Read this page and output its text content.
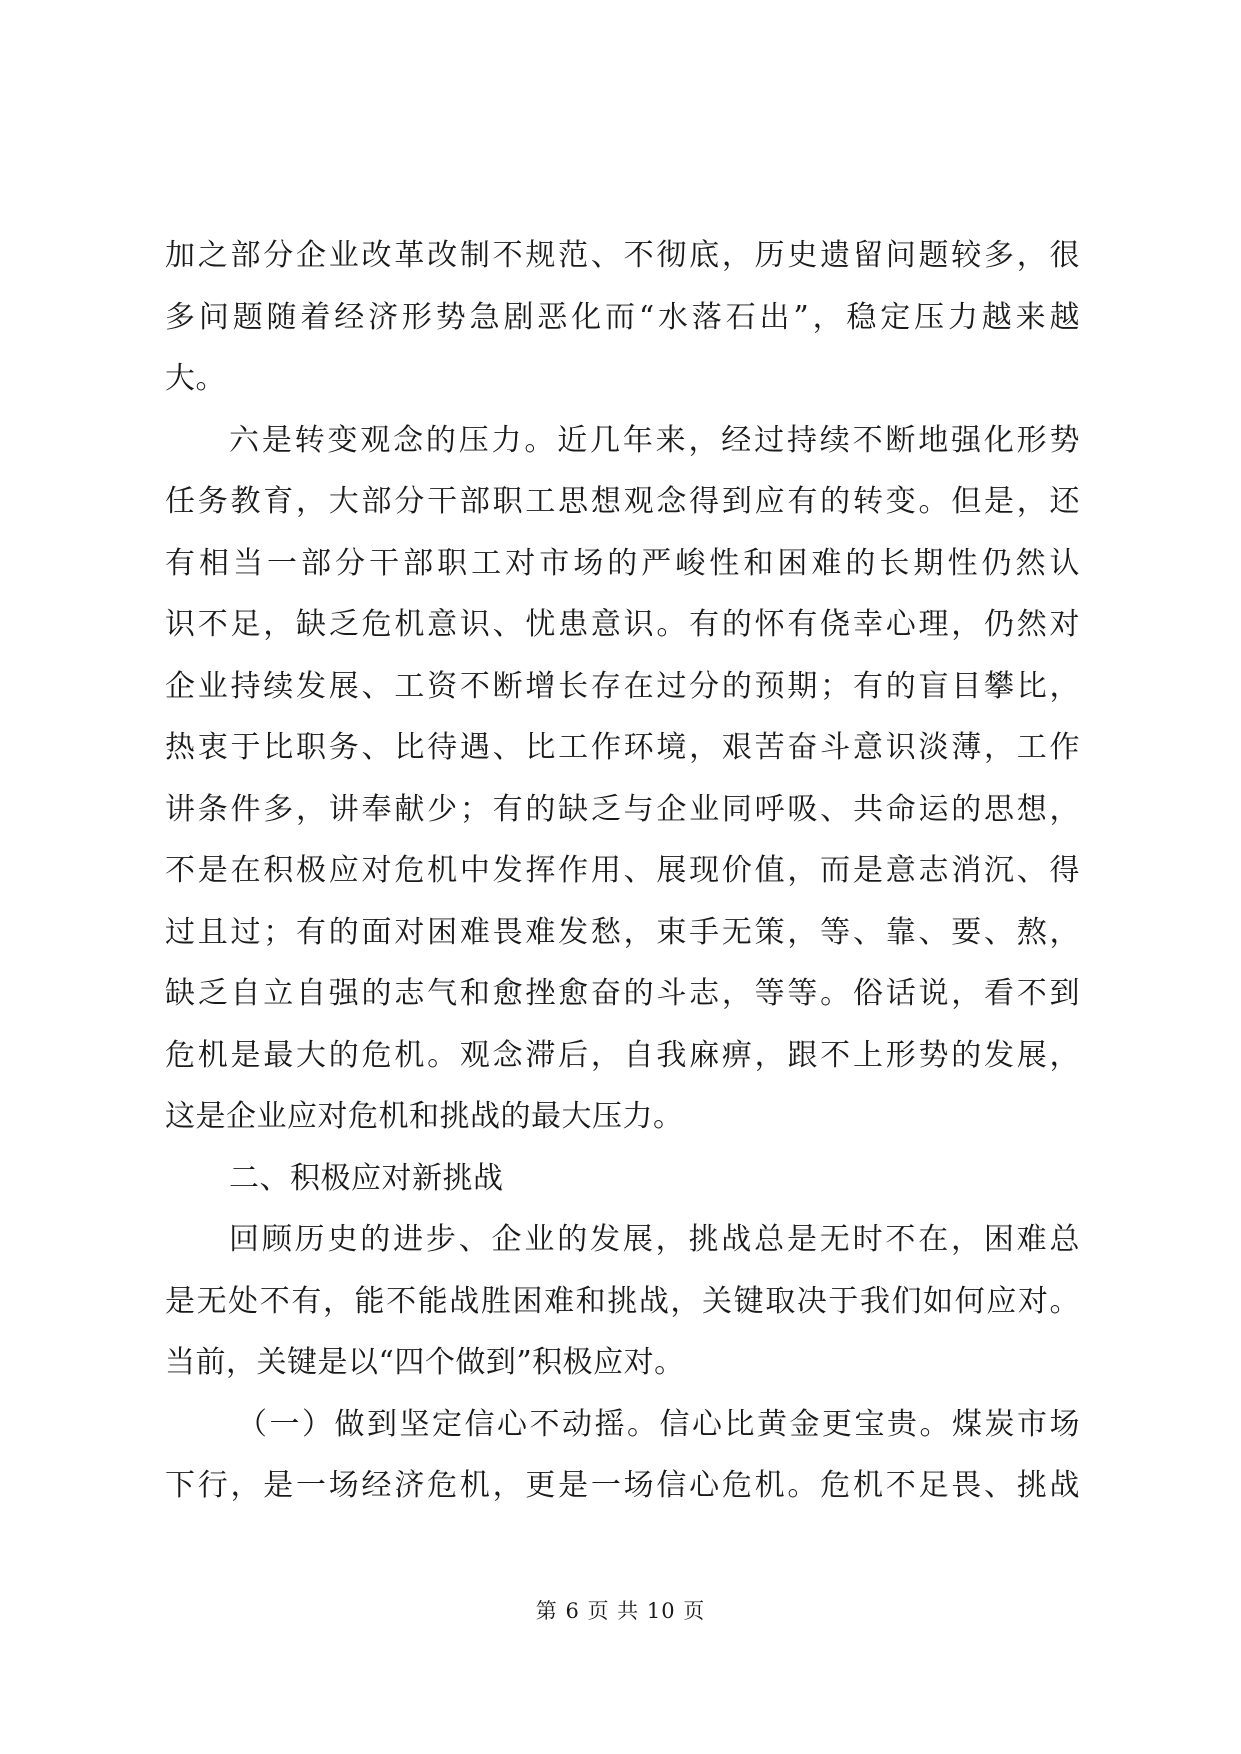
加之部分企业改革改制不规范、不彻底，历史遗留问题较多，很
多问题随着经济形势急剧恶化而“水落石出”，稳定压力越来越
大。
六是转变观念的压力。近几年来，经过持续不断地强化形势
任务教育，大部分干部职工思想观念得到应有的转变。但是，还
有相当一部分干部职工对市场的严峻性和困难的长期性仍然认
识不足，缺乏危机意识、忧患意识。有的怀有侥幸心理，仍然对
企业持续发展、工资不断增长存在过分的预期；有的盲目攀比，
热衷于比职务、比待遇、比工作环境，艰苦奋斗意识淡薄，工作
讲条件多，讲奉献少；有的缺乏与企业同呼吸、共命运的思想，
不是在积极应对危机中发挥作用、展现价值，而是意志消沉、得
过且过；有的面对困难畏难发愁，束手无策，等、靠、要、熬，
缺乏自立自强的志气和愈挫愈奋的斗志，等等。俗话说，看不到
危机是最大的危机。观念滞后，自我麻痹，跟不上形势的发展，
这是企业应对危机和挑战的最大压力。
二、积极应对新挑战
回顾历史的进步、企业的发展，挑战总是无时不在，困难总
是无处不有，能不能战胜困难和挑战，关键取决于我们如何应对。
当前，关键是以“四个做到”积极应对。
（一）做到坚定信心不动摇。信心比黄金更宝贵。煤炭市场
下行，是一场经济危机，更是一场信心危机。危机不足畏、挑战
第 6 页 共 10 页
